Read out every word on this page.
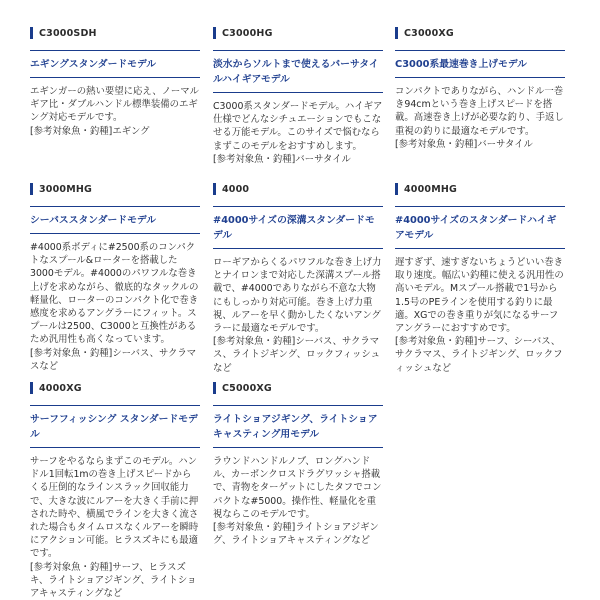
C3000SDH
エギングスタンダードモデル
エギンガーの熱い要望に応え、ノーマルギア比・ダブルハンドル標準装備のエギング対応モデルです。
[参考対象魚・釣種]エギング
C3000HG
淡水からソルトまで使えるバーサタイルハイギアモデル
C3000系スタンダードモデル。ハイギア仕様でどんなシチュエーションでもこなせる万能モデル。このサイズで悩むならまずこのモデルをおすすめします。
[参考対象魚・釣種]バーサタイル
C3000XG
C3000系最速巻き上げモデル
コンパクトでありながら、ハンドル一巻き94cmという巻き上げスピードを搭載。高速巻き上げが必要な釣り、手返し重視の釣りに最適なモデルです。
[参考対象魚・釣種]バーサタイル
3000MHG
シーバススタンダードモデル
#4000系ボディに#2500系のコンパクトなスプール&ローターを搭載した3000モデル。#4000のパワフルな巻き上げを求めながら、徹底的なタックルの軽量化、ローターのコンパクト化で巻き感度を求めるアングラーにフィット。スプールは2500、C3000と互換性があるため汎用性も高くなっています。
[参考対象魚・釣種]シーバス、サクラマスなど
4000
#4000サイズの深溝スタンダードモデル
ローギアからくるパワフルな巻き上げ力とナイロンまで対応した深溝スプール搭載で、#4000でありながら不意な大物にもしっかり対応可能。巻き上げ力重視、ルアーを早く動かしたくないアングラーに最適なモデルです。
[参考対象魚・釣種]シーバス、サクラマス、ライトジギング、ロックフィッシュなど
4000MHG
#4000サイズのスタンダードハイギアモデル
遅すぎず、速すぎないちょうどいい巻き取り速度。幅広い釣種に使える汎用性の高いモデル。Mスプール搭載で1号から1.5号のPEラインを使用する釣りに最適。XGでの巻き重りが気になるサーフアングラーにおすすめです。
[参考対象魚・釣種]サーフ、シーバス、サクラマス、ライトジギング、ロックフィッシュなど
4000XG
サーフフィッシング スタンダードモデル
サーフをやるならまずこのモデル。ハンドル1回転1mの巻き上げスピードからくる圧倒的なラインスラック回収能力で、大きな波にルアーを大きく手前に押された時や、横風でラインを大きく流された場合もタイムロスなくルアーを瞬時にアクション可能。ヒラスズキにも最適です。
[参考対象魚・釣種]サーフ、ヒラスズキ、ライトショアジギング、ライトショアキャスティングなど
C5000XG
ライトショアジギング、ライトショアキャスティング用モデル
ラウンドハンドルノブ、ロングハンドル、カーボンクロスドラグワッシャ搭載で、青物をターゲットにしたタフでコンパクトな#5000。操作性、軽量化を重視ならこのモデルです。
[参考対象魚・釣種]ライトショアジギング、ライトショアキャスティングなど
